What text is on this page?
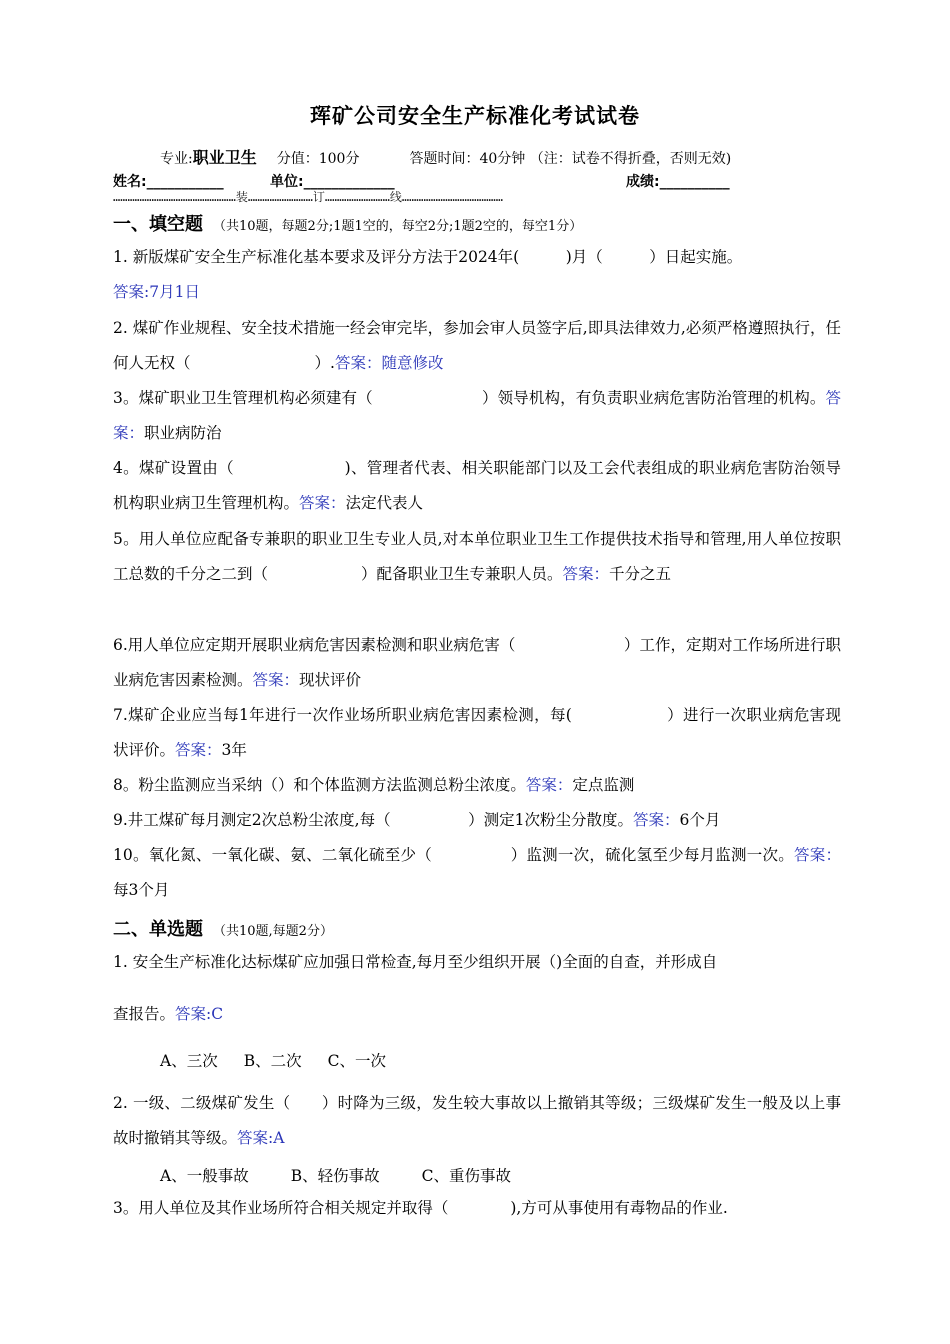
珲矿公司安全生产标准化考试试卷
专业:职业卫生 分值：100分	答题时间：40分钟 （注：试卷不得折叠，否则无效)
姓名:___________	单位:_____________	成绩:__________
……………………………………………装………………………订………………………线……………………………………
一、填空题 （共10题，每题2分;1题1空的，每空2分;1题2空的，每空1分）
1. 新版煤矿安全生产标准化基本要求及评分方法于2024年(　　　)月（　　　）日起实施。
答案:7月1日
2. 煤矿作业规程、安全技术措施一经会审完毕，参加会审人员签字后,即具法律效力,必须严格遵照执行，任何人无权（　　　　　　　　）.答案：随意修改
3。煤矿职业卫生管理机构必须建有（　　　　　　　）领导机构，有负责职业病危害防治管理的机构。答案：职业病防治
4。煤矿设置由（　　　　　　　)、管理者代表、相关职能部门以及工会代表组成的职业病危害防治领导机构职业病卫生管理机构。答案：法定代表人
5。用人单位应配备专兼职的职业卫生专业人员,对本单位职业卫生工作提供技术指导和管理,用人单位按职工总数的千分之二到（　　　　　　）配备职业卫生专兼职人员。答案：千分之五
6.用人单位应定期开展职业病危害因素检测和职业病危害（　　　　　　　）工作，定期对工作场所进行职业病危害因素检测。答案：现状评价
7.煤矿企业应当每1年进行一次作业场所职业病危害因素检测，每(　　　　　　）进行一次职业病危害现状评价。答案：3年
8。粉尘监测应当采纳（）和个体监测方法监测总粉尘浓度。答案：定点监测
9.井工煤矿每月测定2次总粉尘浓度,每（　　　　　）测定1次粉尘分散度。答案：6个月
10。氧化氮、一氧化碳、氨、二氧化硫至少（　　　　　）监测一次，硫化氢至少每月监测一次。答案：每3个月
二、单选题 （共10题,每题2分）
1. 安全生产标准化达标煤矿应加强日常检查,每月至少组织开展（)全面的自查，并形成自
查报告。答案:C
A、三次 B、二次 C、一次
2. 一级、二级煤矿发生（　　）时降为三级，发生较大事故以上撤销其等级；三级煤矿发生一般及以上事故时撤销其等级。答案:A
A、一般事故	B、轻伤事故	C、重伤事故
3。用人单位及其作业场所符合相关规定并取得（　　　　),方可从事使用有毒物品的作业.
